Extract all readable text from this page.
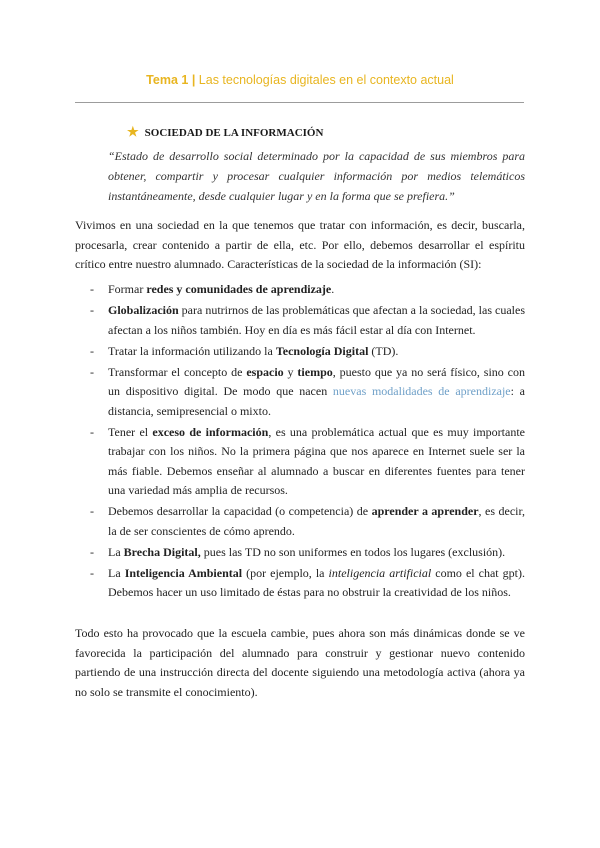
Tema 1 | Las tecnologías digitales en el contexto actual
★ SOCIEDAD DE LA INFORMACIÓN
“Estado de desarrollo social determinado por la capacidad de sus miembros para obtener, compartir y procesar cualquier información por medios telemáticos instantáneamente, desde cualquier lugar y en la forma que se prefiera.”
Vivimos en una sociedad en la que tenemos que tratar con información, es decir, buscarla, procesarla, crear contenido a partir de ella, etc. Por ello, debemos desarrollar el espíritu crítico entre nuestro alumnado. Características de la sociedad de la información (SI):
- Formar redes y comunidades de aprendizaje.
- Globalización para nutrirnos de las problemáticas que afectan a la sociedad, las cuales afectan a los niños también. Hoy en día es más fácil estar al día con Internet.
- Tratar la información utilizando la Tecnología Digital (TD).
- Transformar el concepto de espacio y tiempo, puesto que ya no será físico, sino con un dispositivo digital. De modo que nacen nuevas modalidades de aprendizaje: a distancia, semipresencial o mixto.
- Tener el exceso de información, es una problemática actual que es muy importante trabajar con los niños. No la primera página que nos aparece en Internet suele ser la más fiable. Debemos enseñar al alumnado a buscar en diferentes fuentes para tener una variedad más amplia de recursos.
- Debemos desarrollar la capacidad (o competencia) de aprender a aprender, es decir, la de ser conscientes de cómo aprendo.
- La Brecha Digital, pues las TD no son uniformes en todos los lugares (exclusión).
- La Inteligencia Ambiental (por ejemplo, la inteligencia artificial como el chat gpt). Debemos hacer un uso limitado de éstas para no obstruir la creatividad de los niños.
Todo esto ha provocado que la escuela cambie, pues ahora son más dinámicas donde se ve favorecida la participación del alumnado para construir y gestionar nuevo contenido partiendo de una instrucción directa del docente siguiendo una metodología activa (ahora ya no solo se transmite el conocimiento).
